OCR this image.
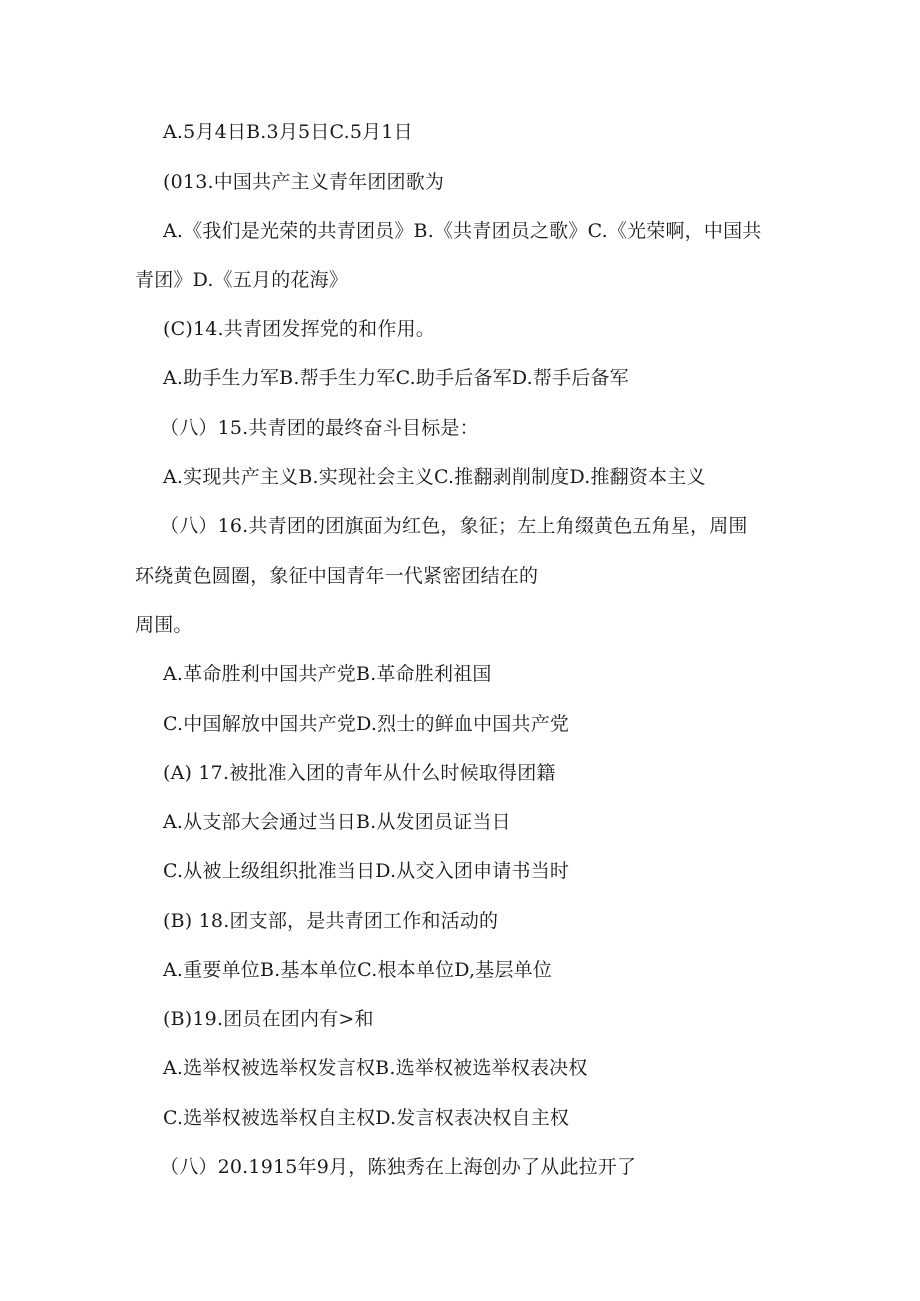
A.5月4日B.3月5日C.5月1日
(013.中国共产主义青年团团歌为
A.《我们是光荣的共青团员》B.《共青团员之歌》C.《光荣啊，中国共
青团》D.《五月的花海》
(C)14.共青团发挥党的和作用。
A.助手生力军B.帮手生力军C.助手后备军D.帮手后备军
（八）15.共青团的最终奋斗目标是：
A.实现共产主义B.实现社会主义C.推翻剥削制度D.推翻资本主义
（八）16.共青团的团旗面为红色，象征；左上角缀黄色五角星，周围
环绕黄色圆圈，象征中国青年一代紧密团结在的
周围。
A.革命胜利中国共产党B.革命胜利祖国
C.中国解放中国共产党D.烈士的鲜血中国共产党
(A) 17.被批准入团的青年从什么时候取得团籍
A.从支部大会通过当日B.从发团员证当日
C.从被上级组织批准当日D.从交入团申请书当时
(B) 18.团支部，是共青团工作和活动的
A.重要单位B.基本单位C.根本单位D,基层单位
(B)19.团员在团内有>和
A.选举权被选举权发言权B.选举权被选举权表决权
C.选举权被选举权自主权D.发言权表决权自主权
（八）20.1915年9月，陈独秀在上海创办了从此拉开了
